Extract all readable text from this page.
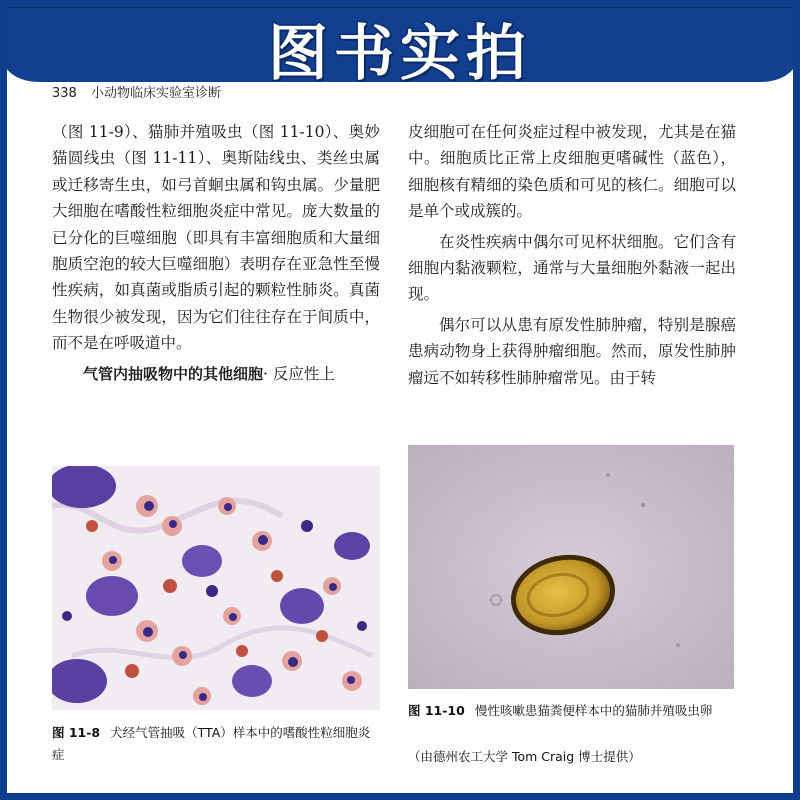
图书实拍
338 小动物临床实验室诊断

（图 11-9）、猫肺并殖吸虫（图 11-10）、奥妙猫圆线虫（图 11-11）、奥斯陆线虫、类丝虫属或迁移寄生虫，如弓首蛔虫属和钩虫属。少量肥大细胞在嗜酸性粒细胞炎症中常见。庞大数量的已分化的巨噬细胞（即具有丰富细胞质和大量细胞质空泡的较大巨噬细胞）表明存在亚急性至慢性疾病，如真菌或脂质引起的颗粒性肺炎。真菌生物很少被发现，因为它们往往存在于间质中，而不是在呼吸道中。

气管内抽吸物中的其他细胞· 反应性上

皮细胞可在任何炎症过程中被发现，尤其是在猫中。细胞质比正常上皮细胞更嗜碱性（蓝色），细胞核有精细的染色质和可见的核仁。细胞可以是单个或成簇的。

在炎性疾病中偶尔可见杯状细胞。它们含有细胞内黏液颗粒，通常与大量细胞外黏液一起出现。

偶尔可以从患有原发性肺肿瘤，特别是腺癌患病动物身上获得肿瘤细胞。然而，原发性肺肿瘤远不如转移性肺肿瘤常见。由于转

图 11-8 犬经气管抽吸（TTA）样本中的嗜酸性粒细胞炎症
图 11-10 慢性咳嗽患猫粪便样本中的猫肺并殖吸虫卵
（由德州农工大学 Tom Craig 博士提供）
